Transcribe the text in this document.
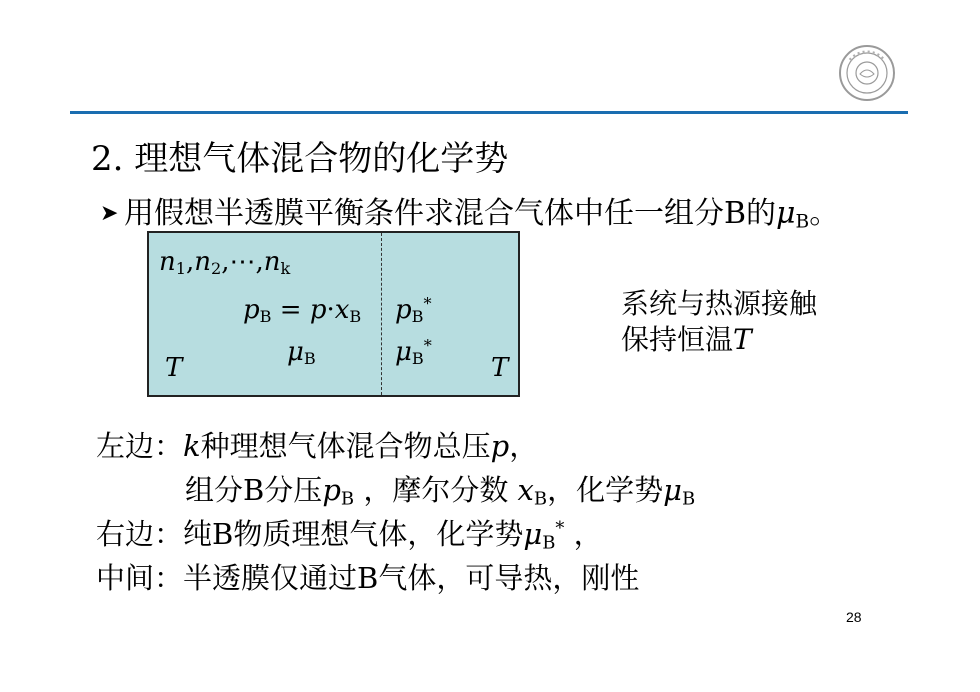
2. 理想气体混合物的化学势
➤ 用假想半透膜平衡条件求混合气体中任一组分B的$\mu_B$。
$n_1,n_2,\cdots,n_k$
$p_B = p\cdot x_B$
$\mu_B$
T
$p_B^*$
$\mu_B^*$
T
系统与热源接触
保持恒温T
左边：k种理想气体混合物总压p，
组分B分压$p_B$ ，摩尔分数 $x_B$，化学势$\mu_B$
右边：纯B物质理想气体，化学势$\mu_B^*$ ，
中间：半透膜仅通过B气体，可导热，刚性
28
